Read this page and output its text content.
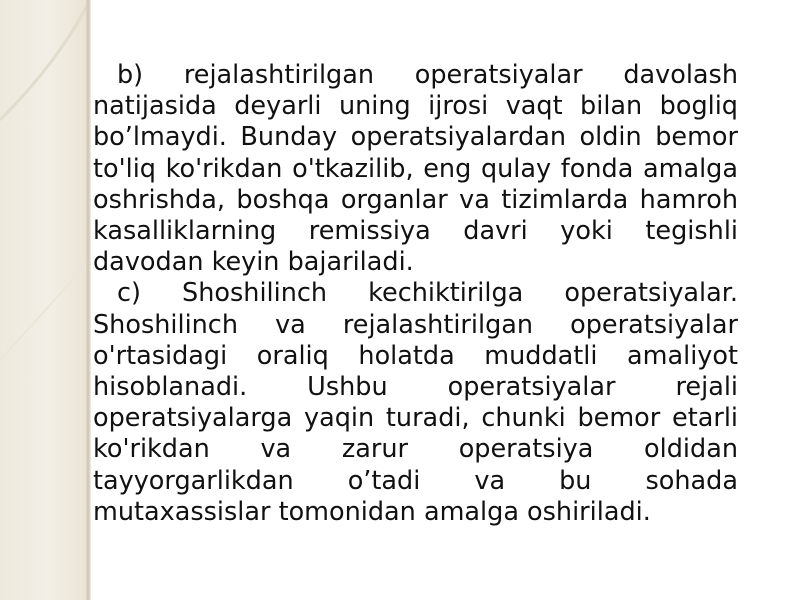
b) rejalashtirilgan operatsiyalar davolash natijasida deyarli uning ijrosi vaqt bilan bogliq bo’lmaydi. Bunday operatsiyalardan oldin bemor to'liq ko'rikdan o'tkazilib, eng qulay fonda amalga oshrishda, boshqa organlar va tizimlarda hamroh kasalliklarning remissiya davri yoki tegishli davodan keyin bajariladi.

c) Shoshilinch kechiktirilga operatsiyalar. Shoshilinch va rejalashtirilgan operatsiyalar o'rtasidagi oraliq holatda muddatli amaliyot hisoblanadi. Ushbu operatsiyalar rejali operatsiyalarga yaqin turadi, chunki bemor etarli ko'rikdan va zarur operatsiya oldidan tayyorgarlikdan o’tadi va bu sohada mutaxassislar tomonidan amalga oshiriladi.
